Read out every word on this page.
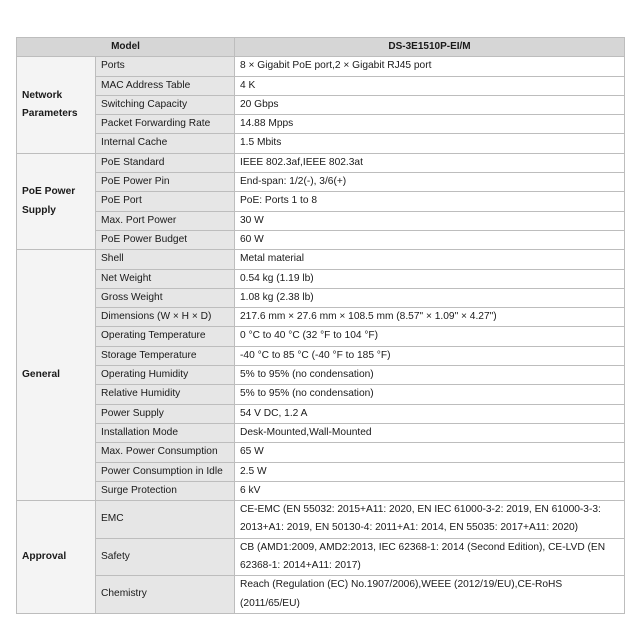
Model		DS-3E1510P-EI/M
Network Parameters	Ports	8 × Gigabit PoE port,2 × Gigabit RJ45 port
	MAC Address Table	4 K
	Switching Capacity	20 Gbps
	Packet Forwarding Rate	14.88 Mpps
	Internal Cache	1.5 Mbits
PoE Power Supply	PoE Standard	IEEE 802.3af,IEEE 802.3at
	PoE Power Pin	End-span: 1/2(-), 3/6(+)
	PoE Port	PoE: Ports 1 to 8
	Max. Port Power	30 W
	PoE Power Budget	60 W
General	Shell	Metal material
	Net Weight	0.54 kg (1.19 lb)
	Gross Weight	1.08 kg (2.38 lb)
	Dimensions (W × H × D)	217.6 mm × 27.6 mm × 108.5 mm (8.57" × 1.09" × 4.27")
	Operating Temperature	0 °C to 40 °C (32 °F to 104 °F)
	Storage Temperature	-40 °C to 85 °C (-40 °F to 185 °F)
	Operating Humidity	5% to 95% (no condensation)
	Relative Humidity	5% to 95% (no condensation)
	Power Supply	54 V DC, 1.2 A
	Installation Mode	Desk-Mounted,Wall-Mounted
	Max. Power Consumption	65 W
	Power Consumption in Idle	2.5 W
	Surge Protection	6 kV
Approval	EMC	CE-EMC (EN 55032: 2015+A11: 2020, EN IEC 61000-3-2: 2019, EN 61000-3-3: 2013+A1: 2019, EN 50130-4: 2011+A1: 2014, EN 55035: 2017+A11: 2020)
	Safety	CB (AMD1:2009, AMD2:2013, IEC 62368-1: 2014 (Second Edition), CE-LVD (EN 62368-1: 2014+A11: 2017)
	Chemistry	Reach (Regulation (EC) No.1907/2006),WEEE (2012/19/EU),CE-RoHS (2011/65/EU)
